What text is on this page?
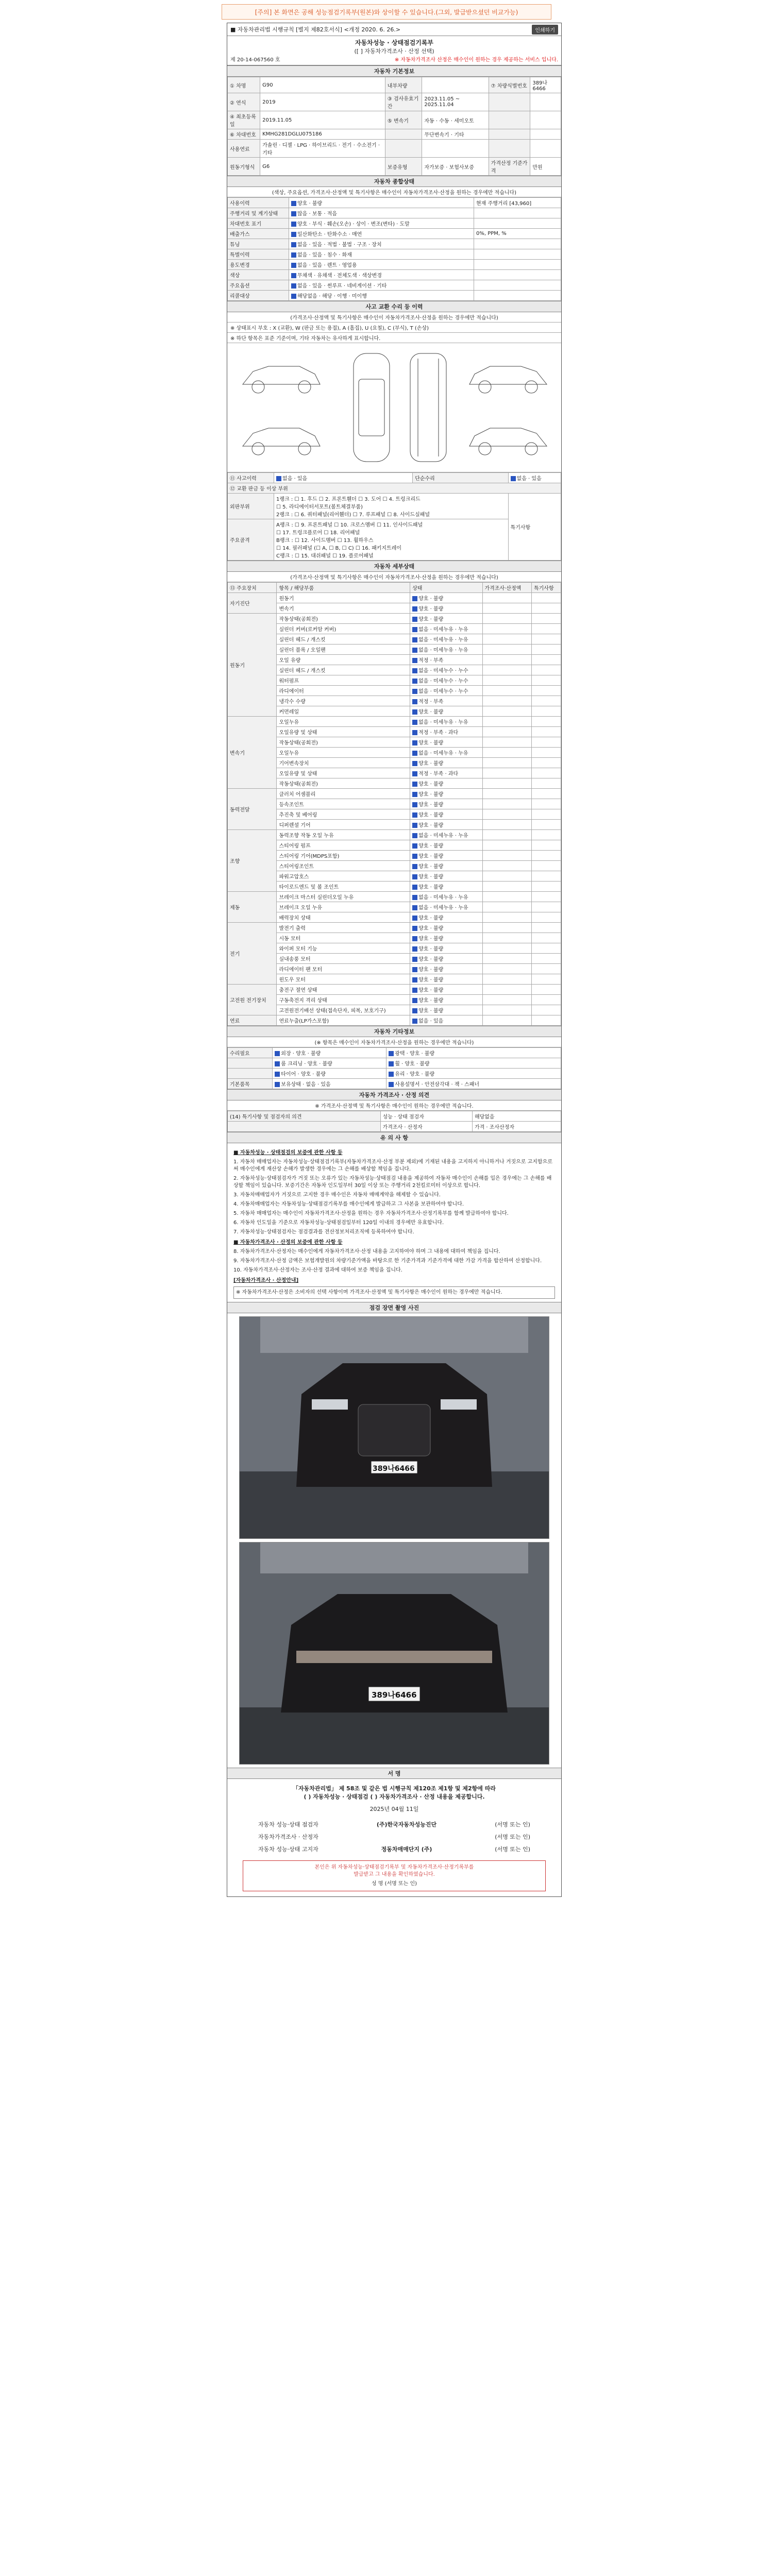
[주의] 본 화면은 공해 성능점검기록부(원본)와 상이할 수 있습니다.(그외, 발급받으셨던 비교가능)
■ 자동차관리법 시행규칙 [별지 제82호서식] <개정 2020. 6. 26.>	인쇄하기
자동차성능 · 상태점검기록부
([ ] 자동차가격조사 · 산정 선택)
제 20-14-067560 호	※ 자동차가격조사 산정은 매수인이 원하는 경우 제공하는 서비스 입니다.
자동차 기본정보
① 차명	G90	내부차량		⑦ 차량식별번호	389나6466
② 연식	2019	③ 검사유효기간	2023.11.05 ~ 2025.11.04		
④ 최초등록일	2019.11.05	⑤ 변속기	자동 · 수동 · 세미오토		
⑥ 차대번호	KMHG281DGLU075186		무단변속기 · 기타		
사용연료	가솔린 · 디젤 · LPG · 하이브리드 · 전기 · 수소전기 · 기타				
원동기형식	G6	보증유형	자가보증 · 보험사보증	가격산정 기준가격	만원
자동차 종합상태
(색상, 주요옵션, 가격조사·산정액 및 특기사항은 매수인이 자동차가격조사·산정을 원하는 경우에만 적습니다)
사용이력	양호 · 불량	현재 주행거리 [43,960]
주행거리 및 계기상태	많음 · 보통 · 적음	
차대번호 표기	양호 · 부식 · 훼손(오손) · 상이 · 변조(변타) · 도말	
배출가스	일산화탄소 · 탄화수소 · 매연	0%, PPM, %
튜닝	없음 · 있음 · 적법 · 불법 · 구조 · 장치	
특별이력	없음 · 있음 · 침수 · 화재	
용도변경	없음 · 있음 · 렌트 · 영업용	
색상	무채색 · 유채색 · 전체도색 · 색상변경	
주요옵션	없음 · 있음 · 썬루프 · 네비게이션 · 기타	
리콜대상	해당없음 · 해당 · 이행 · 미이행	
사고 교환 수리 등 이력
(가격조사·산정액 및 특기사항은 매수인이 자동차가격조사·산정을 원하는 경우에만 적습니다)
※ 상태표시 부호 : X (교환), W (판금 또는 용접), A (흠집), U (요철), C (부식), T (손상)
※ 하단 항목은 표준 기준이며, 기타 자동차는 유사하게 표시합니다.
⑪ 사고이력	없음 · 있음	단순수리	없음 · 있음
⑫ 교환 판금 등 이상 부위			
외판부위	1랭크 : ☐ 1. 후드 ☐ 2. 프론트휀더 ☐ 3. 도어 ☐ 4. 트렁크리드
☐ 5. 라디에이터서포트(볼트체결부품)
2랭크 : ☐ 6. 쿼터패널(리어휀더) ☐ 7. 루프패널 ☐ 8. 사이드실패널		특기사항
주요골격	A랭크 : ☐ 9. 프론트패널 ☐ 10. 크로스멤버 ☐ 11. 인사이드패널
☐ 17. 트렁크플로어 ☐ 18. 리어패널
B랭크 : ☐ 12. 사이드멤버 ☐ 13. 휠하우스
☐ 14. 필러패널 (☐ A, ☐ B, ☐ C) ☐ 16. 패키지트레이
C랭크 : ☐ 15. 대쉬패널 ☐ 19. 플로어패널		
자동차 세부상태
(가격조사·산정액 및 특기사항은 매수인이 자동차가격조사·산정을 원하는 경우에만 적습니다)
⑬ 주요장치	항목 / 해당부품	상태	가격조사·산정액	특기사항
자기진단	원동기	양호 · 불량		
	변속기	양호 · 불량		
원동기	작동상태(공회전)	양호 · 불량		
	실린더 커버(로커암 커버)	없음 · 미세누유 · 누유		
	실린더 헤드 / 개스킷	없음 · 미세누유 · 누유		
	실린더 블록 / 오일팬	없음 · 미세누유 · 누유		
	오일 유량	적정 · 부족		
	실린더 헤드 / 개스킷	없음 · 미세누수 · 누수		
	워터펌프	없음 · 미세누수 · 누수		
	라디에이터	없음 · 미세누수 · 누수		
	냉각수 수량	적정 · 부족		
	커먼레일	양호 · 불량		
변속기	오일누유	없음 · 미세누유 · 누유		
	오일유량 및 상태	적정 · 부족 · 과다		
	작동상태(공회전)	양호 · 불량		
	오일누유	없음 · 미세누유 · 누유		
	기어변속장치	양호 · 불량		
	오일유량 및 상태	적정 · 부족 · 과다		
	작동상태(공회전)	양호 · 불량		
동력전달	클러치 어셈블리	양호 · 불량		
	등속조인트	양호 · 불량		
	추진축 및 베어링	양호 · 불량		
	디퍼렌셜 기어	양호 · 불량		
조향	동력조향 작동 오일 누유	없음 · 미세누유 · 누유		
	스티어링 펌프	양호 · 불량		
	스티어링 기어(MDPS포함)	양호 · 불량		
	스티어링조인트	양호 · 불량		
	파워고압호스	양호 · 불량		
	타이로드엔드 및 볼 조인트	양호 · 불량		
제동	브레이크 마스터 실린더오일 누유	없음 · 미세누유 · 누유		
	브레이크 오일 누유	없음 · 미세누유 · 누유		
	배력장치 상태	양호 · 불량		
전기	발전기 출력	양호 · 불량		
	시동 모터	양호 · 불량		
	와이퍼 모터 기능	양호 · 불량		
	실내송풍 모터	양호 · 불량		
	라디에이터 팬 모터	양호 · 불량		
	윈도우 모터	양호 · 불량		
고전원 전기장치	충전구 절연 상태	양호 · 불량		
	구동축전지 격리 상태	양호 · 불량		
	고전원전기배선 상태(접속단자, 피복, 보호기구)	양호 · 불량		
연료	연료누출(LP가스포함)	없음 · 있음		
자동차 기타정보
(※ 항목은 매수인이 자동차가격조사·산정을 원하는 경우에만 적습니다)
수리필요	외장 · 양호 · 불량	광택 · 양호 · 불량
	룸 크리닝 · 양호 · 불량	휠 · 양호 · 불량
	타이어 · 양호 · 불량	유리 · 양호 · 불량
기본품목	보유상태 · 없음 · 있음	사용설명서 · 안전삼각대 · 잭 · 스패너
자동차 가격조사 · 산정 의견
※ 가격조사·산정액 및 특기사항은 매수인이 원하는 경우에만 적습니다.
(14) 특기사항 및 점검자의 의견	성능 · 상태 점검자	해당없음
	가격조사 · 산정자	가격 · 조사산정자
유 의 사 항
■ 자동차성능 · 상태점검의 보증에 관한 사항 등

1. 자동차 매매업자는 자동차성능·상태점검기록부(자동차가격조사·산정 부분 제외)에 기재된 내용을 고지하지 아니하거나 거짓으로 고지함으로써 매수인에게 재산상 손해가 발생한 경우에는 그 손해를 배상할 책임을 집니다.

2. 자동차성능·상태점검자가 거짓 또는 오류가 있는 자동차성능·상태점검 내용을 제공하여 자동차 매수인이 손해를 입은 경우에는 그 손해를 배상할 책임이 있습니다. 보증기간은 자동차 인도일부터 30일 이상 또는 주행거리 2천킬로미터 이상으로 합니다.

3. 자동차매매업자가 거짓으로 고지한 경우 매수인은 자동차 매매계약을 해제할 수 있습니다.

4. 자동차매매업자는 자동차성능·상태점검기록부를 매수인에게 발급하고 그 사본을 보관하여야 합니다.

5. 자동차 매매업자는 매수인이 자동차가격조사·산정을 원하는 경우 자동차가격조사·산정기록부를 함께 발급하여야 합니다.

6. 자동차 인도일을 기준으로 자동차성능·상태점검일부터 120일 이내의 경우에만 유효합니다.

7. 자동차성능·상태점검자는 점검결과를 전산정보처리조직에 등록하여야 합니다.

■ 자동차가격조사 · 산정의 보증에 관한 사항 등

8. 자동차가격조사·산정자는 매수인에게 자동차가격조사·산정 내용을 고지하여야 하며 그 내용에 대하여 책임을 집니다.

9. 자동차가격조사·산정 금액은 보험개발원의 차량기준가액을 바탕으로 한 기준가격과 기준가격에 대한 가감 가격을 합산하여 산정합니다.

10. 자동차가격조사·산정자는 조사·산정 결과에 대하여 보증 책임을 집니다.

[자동차가격조사 · 산정안내]
※ 자동차가격조사·산정은 소비자의 선택 사항이며 가격조사·산정액 및 특기사항은 매수인이 원하는 경우에만 적습니다.
점검 장면 촬영 사진
389나6466
389나6466
서 명
「자동차관리법」 제 58조 및 같은 법 시행규칙 제120조 제1항 및 제2항에 따라
( ) 자동차성능 · 상태점검 ( ) 자동차가격조사 · 산정 내용을 제공합니다.
2025년 04월 11일
자동차 성능·상태 점검자	(주)한국자동차성능진단	(서명 또는 인)
자동차가격조사 · 산정자	(서명 또는 인)
자동차 성능·상태 고지자	정동차매매단지 (주)	(서명 또는 인)
본인은 위 자동차성능·상태점검기록부 및 자동차가격조사·산정기록부를
발급받고 그 내용을 확인하였습니다.
성 명 (서명 또는 인)
